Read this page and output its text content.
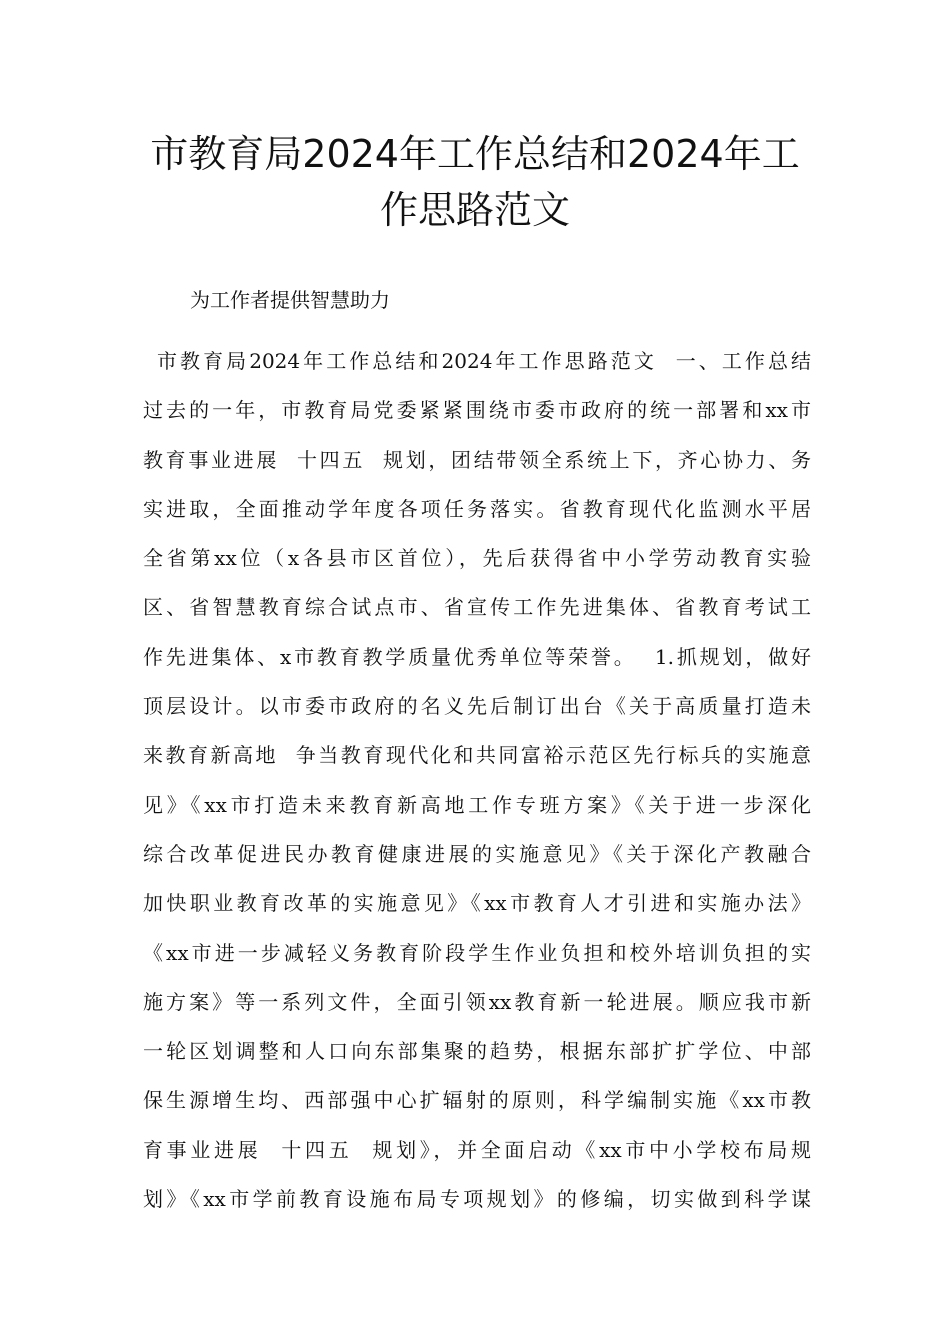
市教育局2024年工作总结和2024年工
作思路范文
为工作者提供智慧助力
市教育局2024年工作总结和2024年工作思路范文  一、工作总结
过去的一年，市教育局党委紧紧围绕市委市政府的统一部署和xx市
教育事业进展  十四五  规划，团结带领全系统上下，齐心协力、务
实进取，全面推动学年度各项任务落实。省教育现代化监测水平居
全省第xx位（x各县市区首位），先后获得省中小学劳动教育实验
区、省智慧教育综合试点市、省宣传工作先进集体、省教育考试工
作先进集体、x市教育教学质量优秀单位等荣誉。  1.抓规划，做好
顶层设计。以市委市政府的名义先后制订出台《关于高质量打造未
来教育新高地  争当教育现代化和共同富裕示范区先行标兵的实施意
见》《xx市打造未来教育新高地工作专班方案》《关于进一步深化
综合改革促进民办教育健康进展的实施意见》《关于深化产教融合
加快职业教育改革的实施意见》《xx市教育人才引进和实施办法》
《xx市进一步减轻义务教育阶段学生作业负担和校外培训负担的实
施方案》等一系列文件，全面引领xx教育新一轮进展。顺应我市新
一轮区划调整和人口向东部集聚的趋势，根据东部扩扩学位、中部
保生源增生均、西部强中心扩辐射的原则，科学编制实施《xx市教
育事业进展  十四五  规划》，并全面启动《xx市中小学校布局规
划》《xx市学前教育设施布局专项规划》的修编，切实做到科学谋
